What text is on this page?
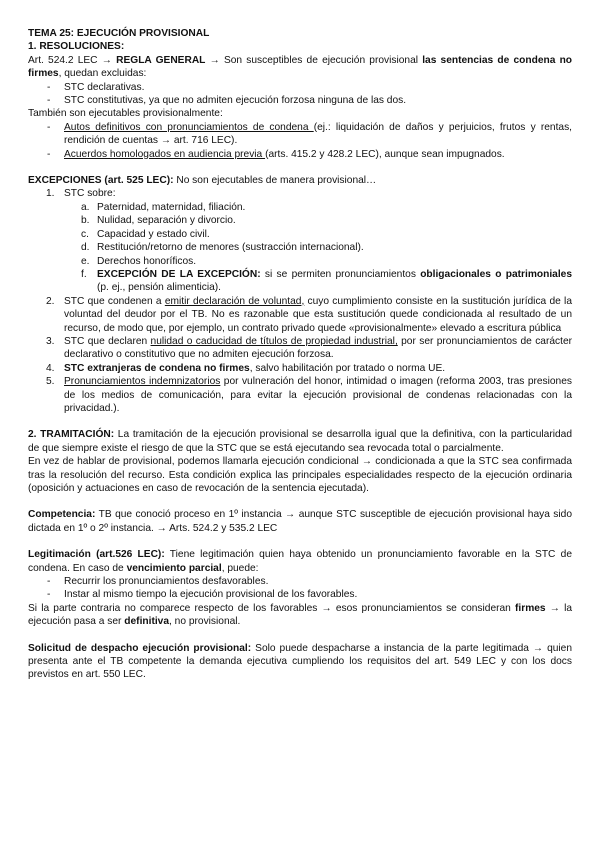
TEMA 25: EJECUCIÓN PROVISIONAL

1. RESOLUCIONES:

Art. 524.2 LEC → REGLA GENERAL → Son susceptibles de ejecución provisional las sentencias de condena no firmes, quedan excluidas:

- STC declarativas.

- STC constitutivas, ya que no admiten ejecución forzosa ninguna de las dos.

También son ejecutables provisionalmente:

- Autos definitivos con pronunciamientos de condena (ej.: liquidación de daños y perjuicios, frutos y rentas, rendición de cuentas → art. 716 LEC).

- Acuerdos homologados en audiencia previa (arts. 415.2 y 428.2 LEC), aunque sean impugnados.

EXCEPCIONES (art. 525 LEC): No son ejecutables de manera provisional…

1. STC sobre:

a. Paternidad, maternidad, filiación.

b. Nulidad, separación y divorcio.

c. Capacidad y estado civil.

d. Restitución/retorno de menores (sustracción internacional).

e. Derechos honoríficos.

f. EXCEPCIÓN DE LA EXCEPCIÓN: si se permiten pronunciamientos obligacionales o patrimoniales (p. ej., pensión alimenticia).

2. STC que condenen a emitir declaración de voluntad, cuyo cumplimiento consiste en la sustitución jurídica de la voluntad del deudor por el TB. No es razonable que esta sustitución quede condicionada al resultado de un recurso, de modo que, por ejemplo, un contrato privado quede «provisionalmente» elevado a escritura pública

3. STC que declaren nulidad o caducidad de títulos de propiedad industrial, por ser pronunciamientos de carácter declarativo o constitutivo que no admiten ejecución forzosa.

4. STC extranjeras de condena no firmes, salvo habilitación por tratado o norma UE.

5. Pronunciamientos indemnizatorios por vulneración del honor, intimidad o imagen (reforma 2003, tras presiones de los medios de comunicación, para evitar la ejecución provisional de condenas relacionadas con la privacidad.).

2. TRAMITACIÓN: La tramitación de la ejecución provisional se desarrolla igual que la definitiva, con la particularidad de que siempre existe el riesgo de que la STC que se está ejecutando sea revocada total o parcialmente.

En vez de hablar de provisional, podemos llamarla ejecución condicional → condicionada a que la STC sea confirmada tras la resolución del recurso. Esta condición explica las principales especialidades respecto de la ejecución ordinaria (oposición y actuaciones en caso de revocación de la sentencia ejecutada).

Competencia: TB que conoció proceso en 1º instancia → aunque STC susceptible de ejecución provisional haya sido dictada en 1º o 2º instancia. → Arts. 524.2 y 535.2 LEC

Legitimación (art.526 LEC): Tiene legitimación quien haya obtenido un pronunciamiento favorable en la STC de condena. En caso de vencimiento parcial, puede:

- Recurrir los pronunciamientos desfavorables.

- Instar al mismo tiempo la ejecución provisional de los favorables.

Si la parte contraria no comparece respecto de los favorables → esos pronunciamientos se consideran firmes → la ejecución pasa a ser definitiva, no provisional.

Solicitud de despacho ejecución provisional: Solo puede despacharse a instancia de la parte legitimada → quien presenta ante el TB competente la demanda ejecutiva cumpliendo los requisitos del art. 549 LEC y con los docs previstos en art. 550 LEC.
